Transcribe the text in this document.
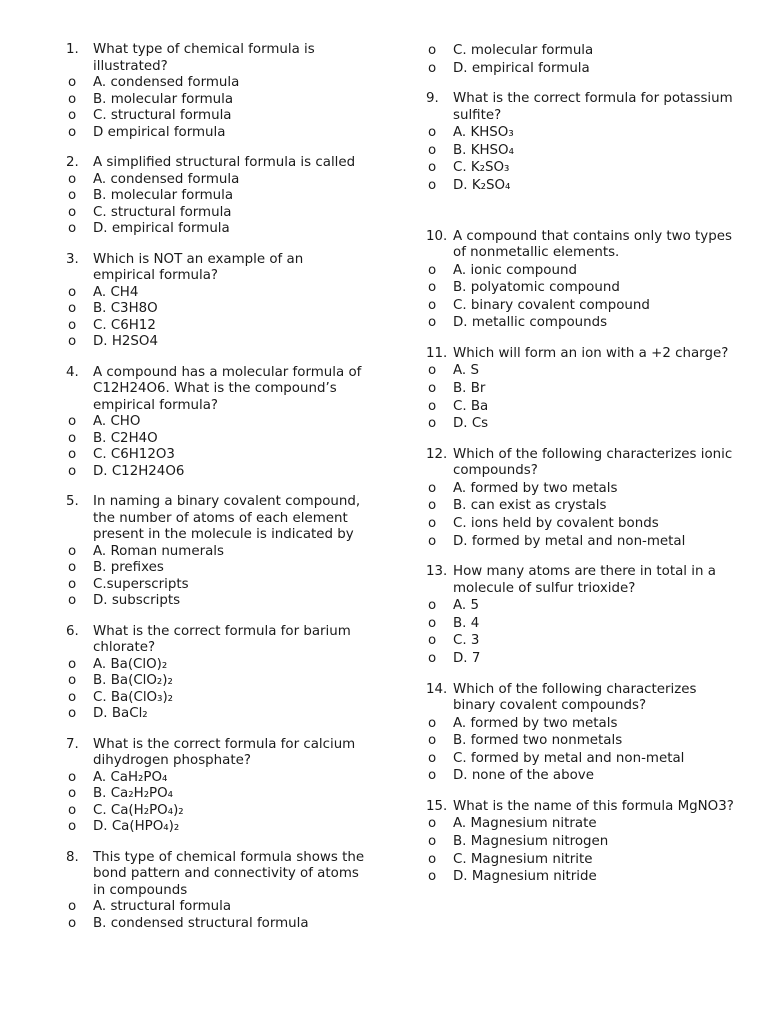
1.	What type of chemical formula is illustrated?
o	A. condensed formula
o	B. molecular formula
o	C. structural formula
o	D empirical formula
2.	A simplified structural formula is called
o	A. condensed formula
o	B. molecular formula
o	C. structural formula
o	D. empirical formula
3.	Which is NOT an example of an empirical formula?
o	A. CH4
o	B. C3H8O
o	C. C6H12
o	D. H2SO4
4.	A compound has a molecular formula of C12H24O6. What is the compound’s empirical formula?
o	A. CHO
o	B. C2H4O
o	C. C6H12O3
o	D. C12H24O6
5.	In naming a binary covalent compound, the number of atoms of each element present in the molecule is indicated by
o	A. Roman numerals
o	B. prefixes
o	C.superscripts
o	D. subscripts
6.	What is the correct formula for barium chlorate?
o	A. Ba(ClO)₂
o	B. Ba(ClO₂)₂
o	C. Ba(ClO₃)₂
o	D. BaCl₂
7.	What is the correct formula for calcium dihydrogen phosphate?
o	A. CaH₂PO₄
o	B. Ca₂H₂PO₄
o	C. Ca(H₂PO₄)₂
o	D. Ca(HPO₄)₂
8.	This type of chemical formula shows the bond pattern and connectivity of atoms in compounds
o	A. structural formula
o	B. condensed structural formula
o	C. molecular formula
o	D. empirical formula
9.	What is the correct formula for potassium sulfite?
o	A. KHSO₃
o	B. KHSO₄
o	C. K₂SO₃
o	D. K₂SO₄
10. A compound that contains only two types of nonmetallic elements.
o	A. ionic compound
o	B. polyatomic compound
o	C. binary covalent compound
o	D. metallic compounds
11. Which will form an ion with a +2 charge?
o	A. S
o	B. Br
o	C. Ba
o	D. Cs
12. Which of the following characterizes ionic compounds?
o	A. formed by two metals
o	B. can exist as crystals
o	C. ions held by covalent bonds
o	D. formed by metal and non-metal
13. How many atoms are there in total in a molecule of sulfur trioxide?
o	A. 5
o	B. 4
o	C. 3
o	D. 7
14. Which of the following characterizes binary covalent compounds?
o	A. formed by two metals
o	B. formed two nonmetals
o	C. formed by metal and non-metal
o	D. none of the above
15. What is the name of this formula MgNO3?
o	A. Magnesium nitrate
o	B. Magnesium nitrogen
o	C. Magnesium nitrite
o	D. Magnesium nitride
